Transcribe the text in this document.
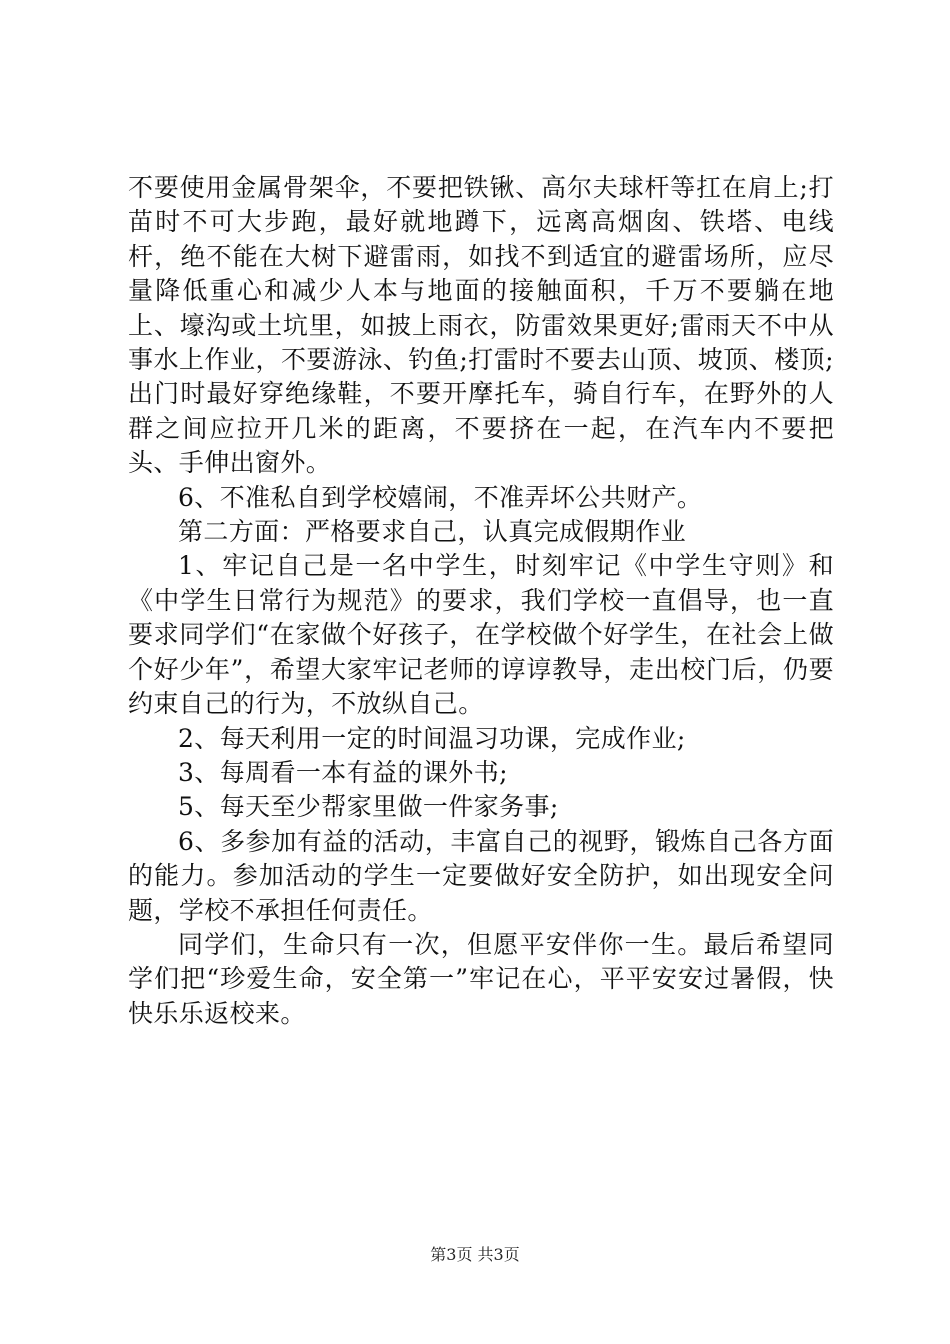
不要使用金属骨架伞，不要把铁锹、高尔夫球杆等扛在肩上;打苗时不可大步跑，最好就地蹲下，远离高烟囱、铁塔、电线杆，绝不能在大树下避雷雨，如找不到适宜的避雷场所，应尽量降低重心和减少人本与地面的接触面积，千万不要躺在地上、壕沟或土坑里，如披上雨衣，防雷效果更好;雷雨天不中从事水上作业，不要游泳、钓鱼;打雷时不要去山顶、坡顶、楼顶;出门时最好穿绝缘鞋，不要开摩托车，骑自行车，在野外的人群之间应拉开几米的距离，不要挤在一起，在汽车内不要把头、手伸出窗外。

6、不准私自到学校嬉闹，不准弄坏公共财产。

第二方面：严格要求自己，认真完成假期作业

1、牢记自己是一名中学生，时刻牢记《中学生守则》和《中学生日常行为规范》的要求，我们学校一直倡导，也一直要求同学们“在家做个好孩子，在学校做个好学生，在社会上做个好少年”，希望大家牢记老师的谆谆教导，走出校门后，仍要约束自己的行为，不放纵自己。

2、每天利用一定的时间温习功课，完成作业;

3、每周看一本有益的课外书;

5、每天至少帮家里做一件家务事;

6、多参加有益的活动，丰富自己的视野，锻炼自己各方面的能力。参加活动的学生一定要做好安全防护，如出现安全问题，学校不承担任何责任。

同学们，生命只有一次，但愿平安伴你一生。最后希望同学们把“珍爱生命，安全第一”牢记在心，平平安安过暑假，快快乐乐返校来。

第3页 共3页
